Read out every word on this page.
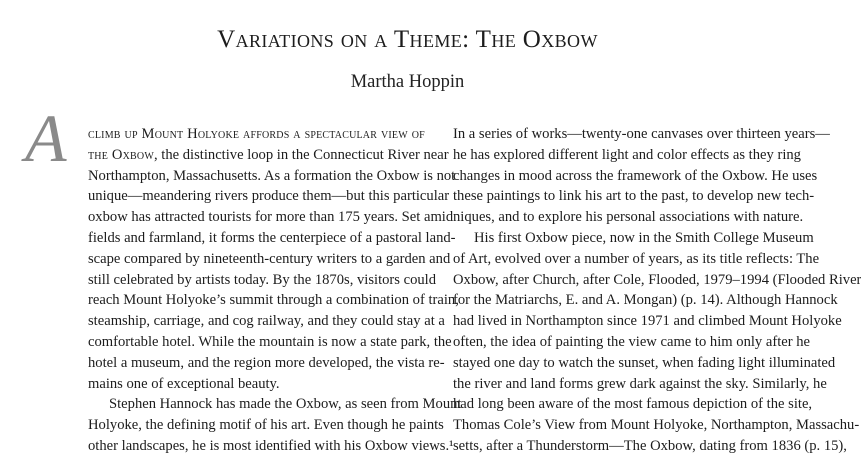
Variations on a Theme: The Oxbow
Martha Hoppin
A climb up Mount Holyoke affords a spectacular view of
the Oxbow, the distinctive loop in the Connecticut River near
Northampton, Massachusetts. As a formation the Oxbow is not
unique—meandering rivers produce them—but this particular
oxbow has attracted tourists for more than 175 years. Set amid
fields and farmland, it forms the centerpiece of a pastoral land-
scape compared by nineteenth-century writers to a garden and
still celebrated by artists today. By the 1870s, visitors could
reach Mount Holyoke’s summit through a combination of train,
steamship, carriage, and cog railway, and they could stay at a
comfortable hotel. While the mountain is now a state park, the
hotel a museum, and the region more developed, the vista re-
mains one of exceptional beauty.
Stephen Hannock has made the Oxbow, as seen from Mount
Holyoke, the defining motif of his art. Even though he paints
other landscapes, he is most identified with his Oxbow views.¹
In a series of works—twenty-one canvases over thirteen years—
he has explored different light and color effects as they ring
changes in mood across the framework of the Oxbow. He uses
these paintings to link his art to the past, to develop new tech-
niques, and to explore his personal associations with nature.
His first Oxbow piece, now in the Smith College Museum
of Art, evolved over a number of years, as its title reflects: The
Oxbow, after Church, after Cole, Flooded, 1979–1994 (Flooded River
for the Matriarchs, E. and A. Mongan) (p. 14). Although Hannock
had lived in Northampton since 1971 and climbed Mount Holyoke
often, the idea of painting the view came to him only after he
stayed one day to watch the sunset, when fading light illuminated
the river and land forms grew dark against the sky. Similarly, he
had long been aware of the most famous depiction of the site,
Thomas Cole’s View from Mount Holyoke, Northampton, Massachu-
setts, after a Thunderstorm—The Oxbow, dating from 1836 (p. 15),
